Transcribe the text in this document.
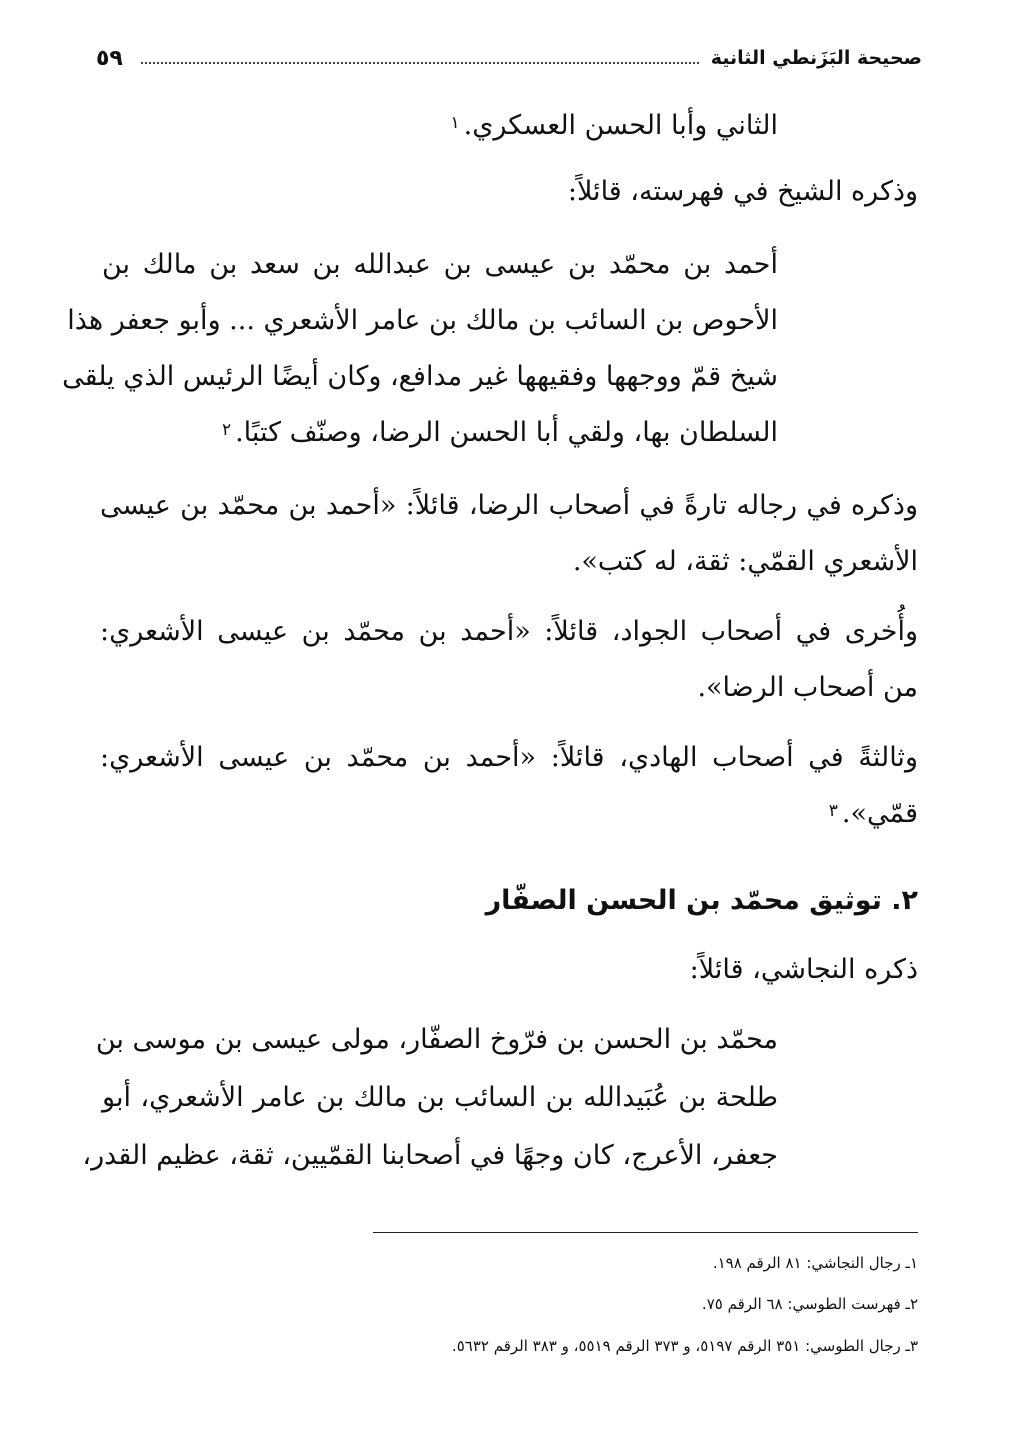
صحيحة البَزَنطي الثانية
٥٩
الثاني وأبا الحسن العسكري.$^١$
وذكره الشيخ في فهرسته، قائلاً:
أحمد بن محمّد بن عيسى بن عبدالله بن سعد بن مالك بن
الأحوص بن السائب بن مالك بن عامر الأشعري ... وأبو جعفر هذا
شيخ قمّ ووجهها وفقيهها غير مدافع، وكان أيضًا الرئيس الذي يلقى
السلطان بها، ولقي أبا الحسن الرضا، وصنّف كتبًا.$^٢$
وذكره في رجاله تارةً في أصحاب الرضا، قائلاً: «أحمد بن محمّد بن عيسى
الأشعري القمّي: ثقة، له كتب».
وأُخرى في أصحاب الجواد، قائلاً: «أحمد بن محمّد بن عيسى الأشعري:
من أصحاب الرضا».
وثالثةً في أصحاب الهادي، قائلاً: «أحمد بن محمّد بن عيسى الأشعري:
قمّي».$^٣$
٢. توثيق محمّد بن الحسن الصفّار
ذكره النجاشي، قائلاً:
محمّد بن الحسن بن فرّوخ الصفّار، مولى عيسى بن موسى بن
طلحة بن عُبَيدالله بن السائب بن مالك بن عامر الأشعري، أبو
جعفر، الأعرج، كان وجهًا في أصحابنا القمّيين، ثقة، عظيم القدر،
١ـ رجال النجاشي: ٨١ الرقم ١٩٨.
٢ـ فهرست الطوسي: ٦٨ الرقم ٧٥.
٣ـ رجال الطوسي: ٣٥١ الرقم ٥١٩٧، و ٣٧٣ الرقم ٥٥١٩، و ٣٨٣ الرقم ٥٦٣٢.
